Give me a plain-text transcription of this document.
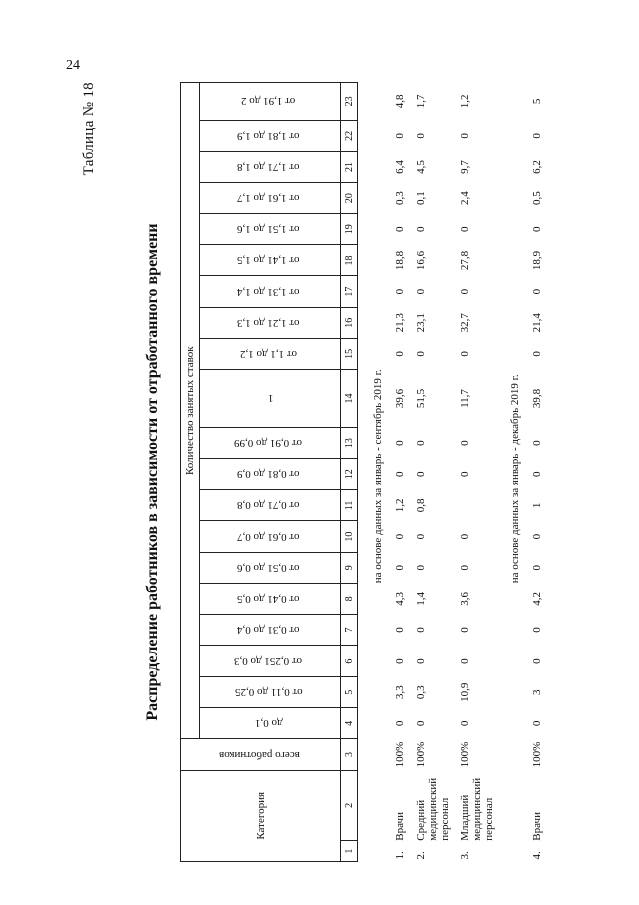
24
Таблица № 18
Распределение работников в зависимости от отработанного времени
Категория		всего работников	Количество занятых ставок																			
			до 0,1	от 0,11 до 0,25	от 0,251 до 0,3	от 0,31 до 0,4	от 0,41 до 0,5	от 0,51 до 0,6	от 0,61 до 0,7	от 0,71 до 0,8	от 0,81 до 0,9	от 0,91 до 0,99	1	от 1,1 до 1,2	от 1,21 до 1,3	от 1,31 до 1,4	от 1,41 до 1,5	от 1,51 до 1,6	от 1,61 до 1,7	от 1,71 до 1,8	от 1,81 до 1,9	от 1,91 до 2
1	2	3	4	5	6	7	8	9	10	11	12	13	14	15	16	17	18	19	20	21	22	23
								на основе данных за январь - сентябрь 2019 г.														
1.	Врачи	100%	0	3,3	0	0	4,3	0	0	1,2	0	0	39,6	0	21,3	0	18,8	0	0,3	6,4	0	4,8
2.	Средний медицинский персонал	100%	0	0,3	0	0	1,4	0	0	0,8	0	0	51,5	0	23,1	0	16,6	0	0,1	4,5	0	1,7
3.	Младший медицинский персонал	100%	0	10,9	0	0	3,6	0	0		0	0	11,7	0	32,7	0	27,8	0	2,4	9,7	0	1,2
								на основе данных за январь - декабрь 2019 г.														
4.	Врачи	100%	0	3	0	0	4,2	0	0	1	0	0	39,8	0	21,4	0	18,9	0	0,5	6,2	0	5
